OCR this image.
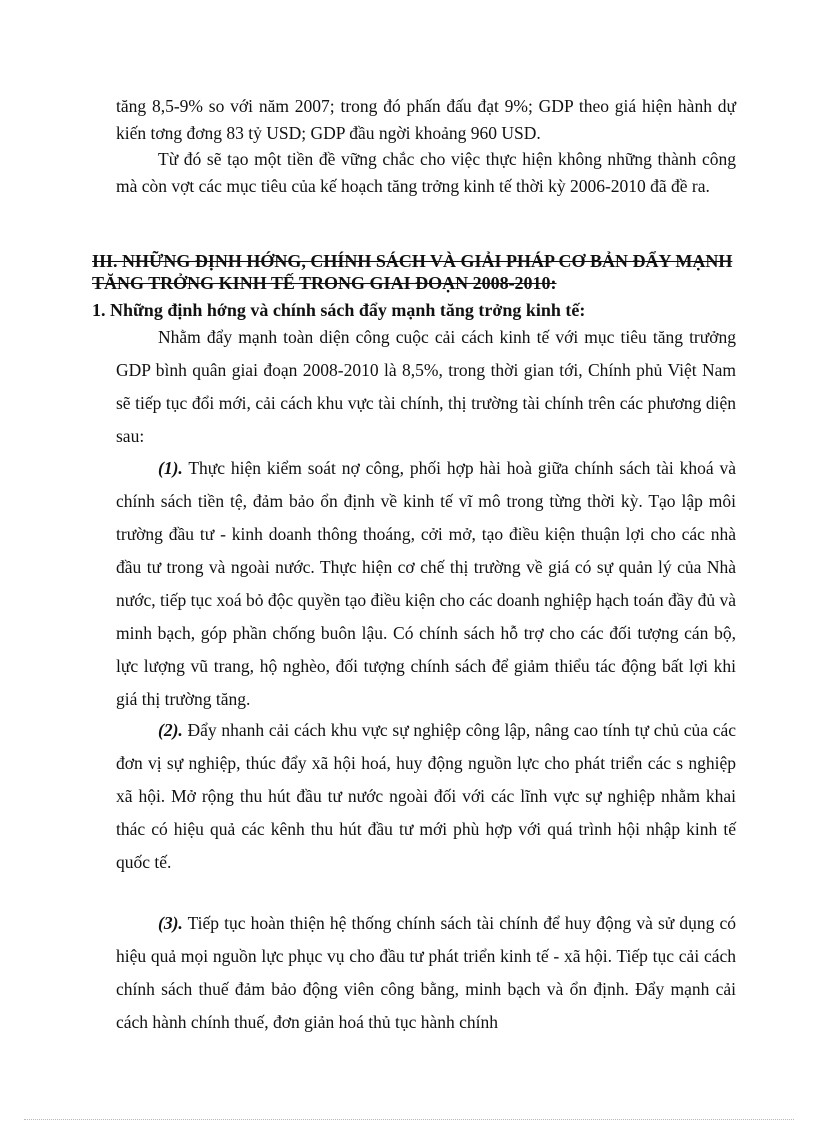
tăng 8,5-9% so với năm 2007; trong đó phấn đấu đạt 9%; GDP theo giá hiện hành dự kiến tơng đơng 83 tỷ USD; GDP đầu ngời khoảng 960 USD.

Từ đó sẽ tạo một tiền đề vững chắc cho việc thực hiện không những thành công mà còn vợt các mục tiêu của kế hoạch tăng trởng kinh tế thời kỳ 2006-2010 đã đề ra.

III. NHỮNG ĐỊNH HỚNG, CHÍNH SÁCH VÀ GIẢI PHÁP CƠ BẢN ĐẨY MẠNH TĂNG TRỞNG KINH TẾ TRONG GIAI ĐOẠN 2008-2010:
1. Những định hớng và chính sách đẩy mạnh tăng trởng kinh tế:

Nhằm đẩy mạnh toàn diện công cuộc cải cách kinh tế với mục tiêu tăng trưởng GDP bình quân giai đoạn 2008-2010 là 8,5%, trong thời gian tới, Chính phủ Việt Nam sẽ tiếp tục đổi mới, cải cách khu vực tài chính, thị trường tài chính trên các phương diện sau:

(1). Thực hiện kiểm soát nợ công, phối hợp hài hoà giữa chính sách tài khoá và chính sách tiền tệ, đảm bảo ổn định về kinh tế vĩ mô trong từng thời kỳ. Tạo lập môi trường đầu tư - kinh doanh thông thoáng, cởi mở, tạo điều kiện thuận lợi cho các nhà đầu tư trong và ngoài nước. Thực hiện cơ chế thị trường về giá có sự quản lý của Nhà nước, tiếp tục xoá bỏ độc quyền tạo điều kiện cho các doanh nghiệp hạch toán đầy đủ và minh bạch, góp phần chống buôn lậu. Có chính sách hỗ trợ cho các đối tượng cán bộ, lực lượng vũ trang, hộ nghèo, đối tượng chính sách để giảm thiểu tác động bất lợi khi giá thị trường tăng.

(2). Đẩy nhanh cải cách khu vực sự nghiệp công lập, nâng cao tính tự chủ của các đơn vị sự nghiệp, thúc đẩy xã hội hoá, huy động nguồn lực cho phát triển các s nghiệp xã hội. Mở rộng thu hút đầu tư nước ngoài đối với các lĩnh vực sự nghiệp nhằm khai thác có hiệu quả các kênh thu hút đầu tư mới phù hợp với quá trình hội nhập kinh tế quốc tế.

(3). Tiếp tục hoàn thiện hệ thống chính sách tài chính để huy động và sử dụng có hiệu quả mọi nguồn lực phục vụ cho đầu tư phát triển kinh tế - xã hội. Tiếp tục cải cách chính sách thuế đảm bảo động viên công bằng, minh bạch và ổn định. Đẩy mạnh cải cách hành chính thuế, đơn giản hoá thủ tục hành chính
